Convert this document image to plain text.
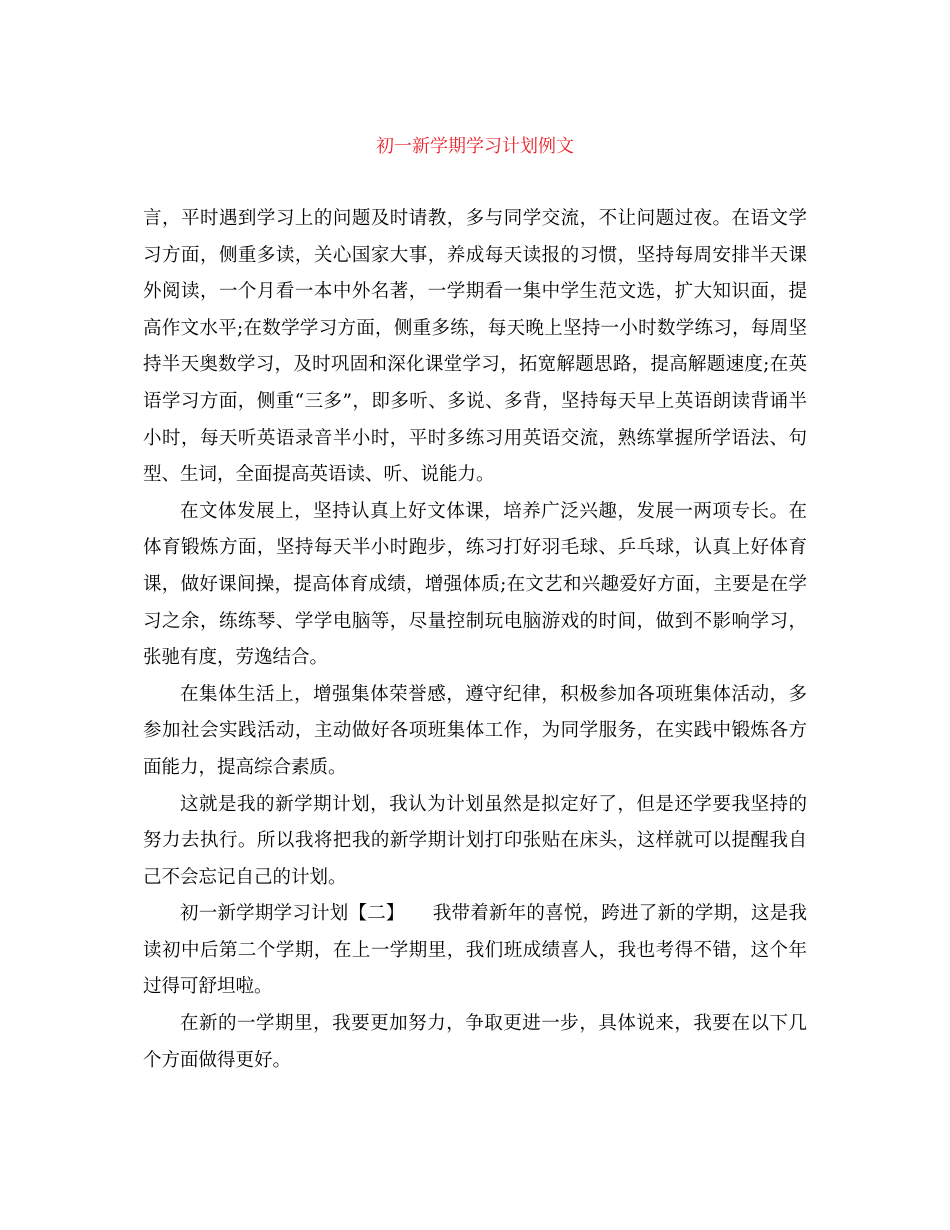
初一新学期学习计划例文

言，平时遇到学习上的问题及时请教，多与同学交流，不让问题过夜。在语文学习方面，侧重多读，关心国家大事，养成每天读报的习惯，坚持每周安排半天课外阅读，一个月看一本中外名著，一学期看一集中学生范文选，扩大知识面，提高作文水平;在数学学习方面，侧重多练，每天晚上坚持一小时数学练习，每周坚持半天奥数学习，及时巩固和深化课堂学习，拓宽解题思路，提高解题速度;在英语学习方面，侧重“三多”，即多听、多说、多背，坚持每天早上英语朗读背诵半小时，每天听英语录音半小时，平时多练习用英语交流，熟练掌握所学语法、句型、生词，全面提高英语读、听、说能力。

在文体发展上，坚持认真上好文体课，培养广泛兴趣，发展一两项专长。在体育锻炼方面，坚持每天半小时跑步，练习打好羽毛球、乒乓球，认真上好体育课，做好课间操，提高体育成绩，增强体质;在文艺和兴趣爱好方面，主要是在学习之余，练练琴、学学电脑等，尽量控制玩电脑游戏的时间，做到不影响学习，张驰有度，劳逸结合。

在集体生活上，增强集体荣誉感，遵守纪律，积极参加各项班集体活动，多参加社会实践活动，主动做好各项班集体工作，为同学服务，在实践中锻炼各方面能力，提高综合素质。

这就是我的新学期计划，我认为计划虽然是拟定好了，但是还学要我坚持的努力去执行。所以我将把我的新学期计划打印张贴在床头，这样就可以提醒我自己不会忘记自己的计划。

初一新学期学习计划【二】　　我带着新年的喜悦，跨进了新的学期，这是我读初中后第二个学期，在上一学期里，我们班成绩喜人，我也考得不错，这个年过得可舒坦啦。

在新的一学期里，我要更加努力，争取更进一步，具体说来，我要在以下几个方面做得更好。
